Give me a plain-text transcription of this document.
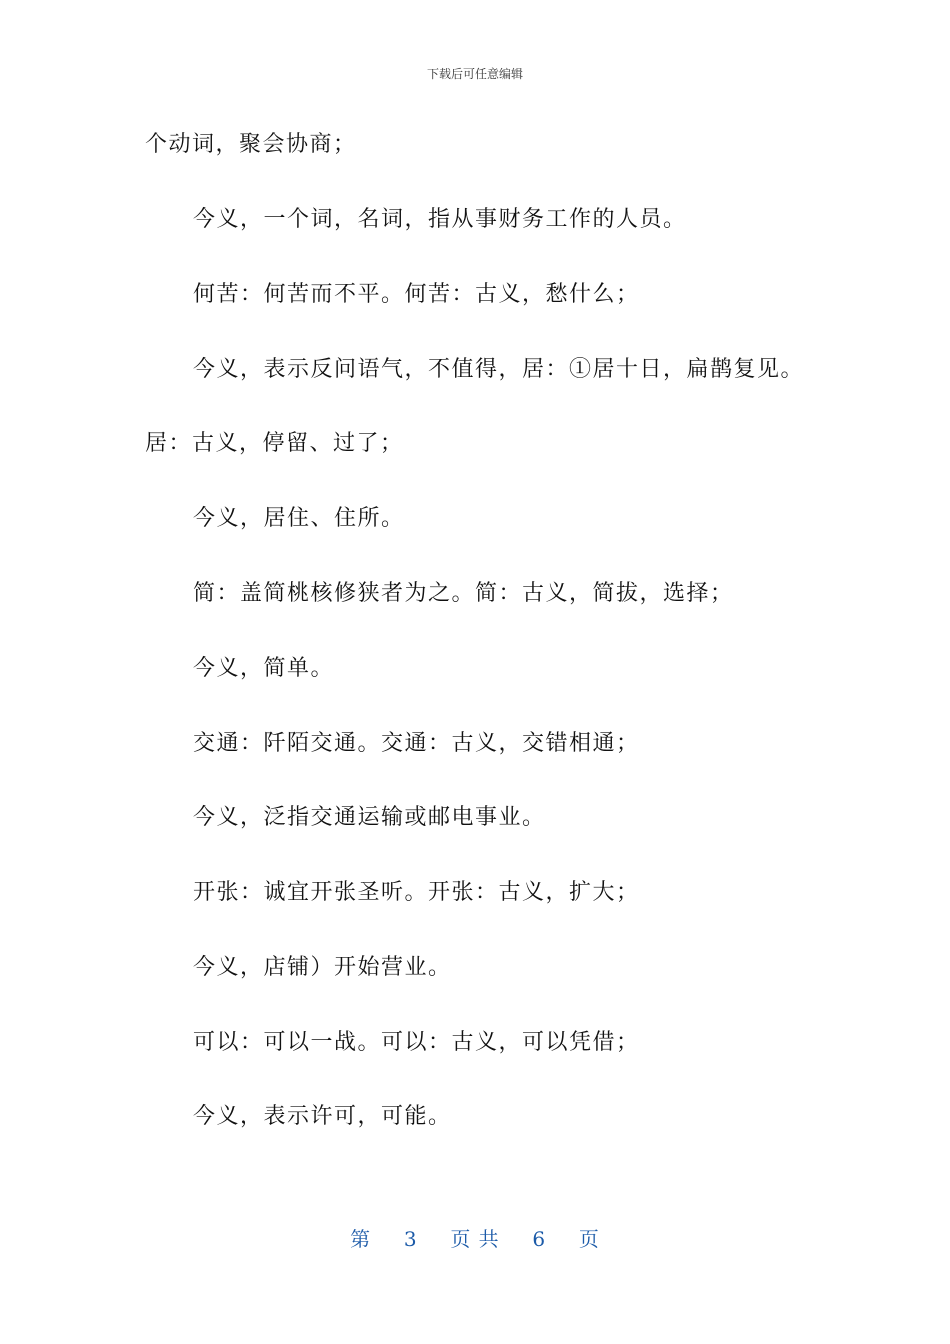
下载后可任意编辑
个动词，聚会协商；
今义，一个词，名词，指从事财务工作的人员。
何苦：何苦而不平。何苦：古义，愁什么；
今义，表示反问语气，不值得，居：①居十日，扁鹊复见。
居：古义，停留、过了；
今义，居住、住所。
简：盖简桃核修狭者为之。简：古义，简拔，选择；
今义，简单。
交通：阡陌交通。交通：古义，交错相通；
今义，泛指交通运输或邮电事业。
开张：诚宜开张圣听。开张：古义，扩大；
今义，店铺）开始营业。
可以：可以一战。可以：古义，可以凭借；
今义，表示许可，可能。
第 3 页 共 6 页
